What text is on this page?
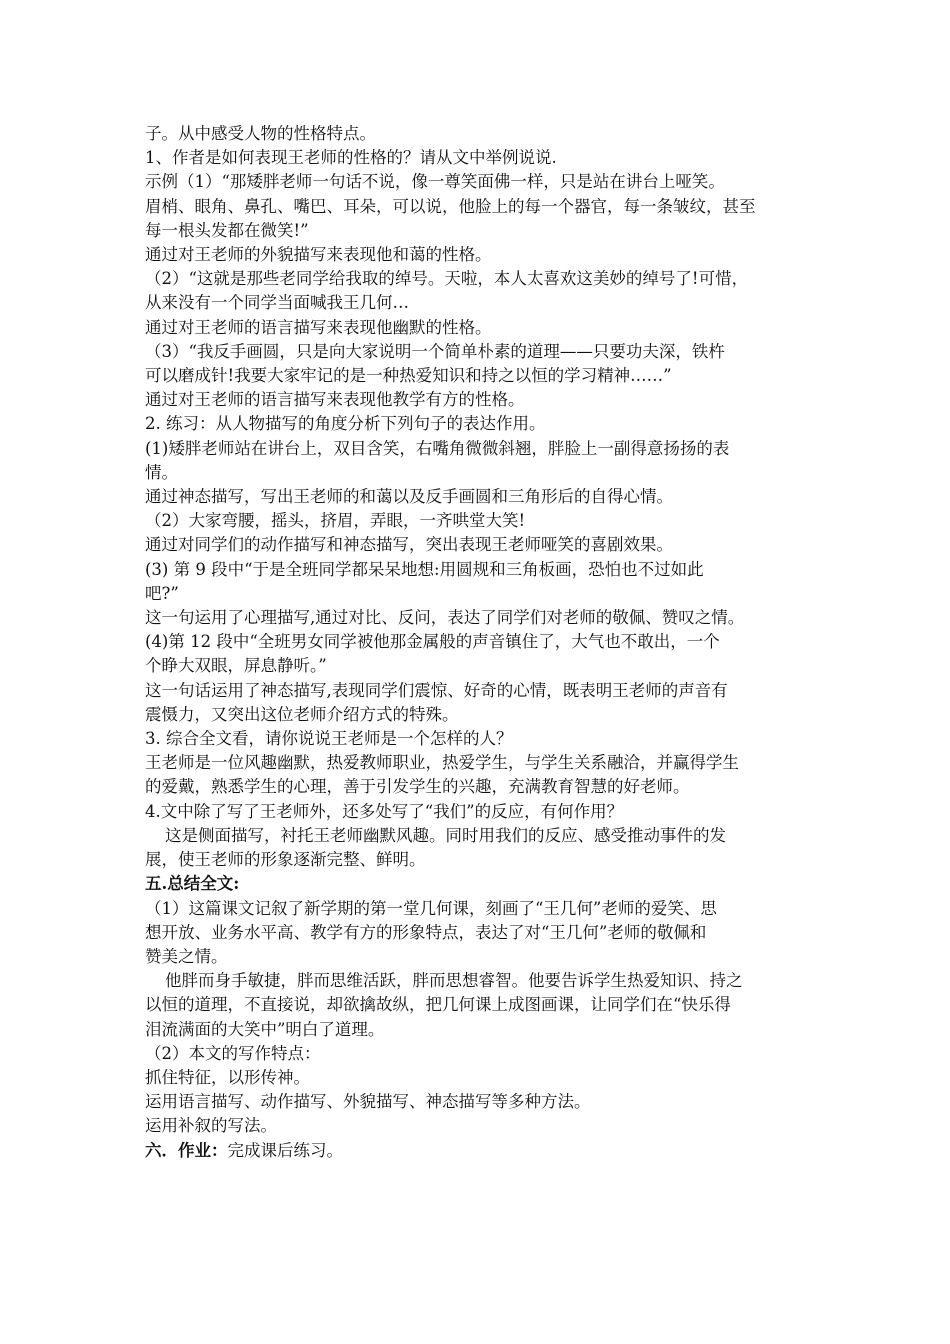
子。从中感受人物的性格特点。
1、作者是如何表现王老师的性格的？请从文中举例说说.
示例（1）“那矮胖老师一句话不说，像一尊笑面佛一样，只是站在讲台上哑笑。
眉梢、眼角、鼻孔、嘴巴、耳朵，可以说，他脸上的每一个器官，每一条皱纹，甚至
每一根头发都在微笑!”
通过对王老师的外貌描写来表现他和蔼的性格。
（2）“这就是那些老同学给我取的绰号。天啦，本人太喜欢这美妙的绰号了!可惜，
从来没有一个同学当面喊我王几何…
通过对王老师的语言描写来表现他幽默的性格。
（3）“我反手画圆，只是向大家说明一个简单朴素的道理——只要功夫深，铁杵
可以磨成针!我要大家牢记的是一种热爱知识和持之以恒的学习精神……”
通过对王老师的语言描写来表现他教学有方的性格。
2. 练习：从人物描写的角度分析下列句子的表达作用。
(1)矮胖老师站在讲台上，双目含笑，右嘴角微微斜翘，胖脸上一副得意扬扬的表
情。
通过神态描写，写出王老师的和蔼以及反手画圆和三角形后的自得心情。
（2）大家弯腰，摇头，挤眉，弄眼，一齐哄堂大笑!
通过对同学们的动作描写和神态描写，突出表现王老师哑笑的喜剧效果。
(3) 第 9 段中“于是全班同学都呆呆地想:用圆规和三角板画，恐怕也不过如此
吧?”
这一句运用了心理描写,通过对比、反问，表达了同学们对老师的敬佩、赞叹之情。
(4)第 12 段中“全班男女同学被他那金属般的声音镇住了，大气也不敢出，一个
个睁大双眼，屏息静听。”
这一句话运用了神态描写,表现同学们震惊、好奇的心情，既表明王老师的声音有
震慑力，又突出这位老师介绍方式的特殊。
3. 综合全文看，请你说说王老师是一个怎样的人？
王老师是一位风趣幽默，热爱教师职业，热爱学生，与学生关系融洽，并赢得学生
的爱戴，熟悉学生的心理，善于引发学生的兴趣，充满教育智慧的好老师。
4.文中除了写了王老师外，还多处写了“我们”的反应，有何作用？
这是侧面描写，衬托王老师幽默风趣。同时用我们的反应、感受推动事件的发
展，使王老师的形象逐渐完整、鲜明。
五.总结全文:
（1）这篇课文记叙了新学期的第一堂几何课，刻画了“王几何”老师的爱笑、思
想开放、业务水平高、教学有方的形象特点，表达了对“王几何”老师的敬佩和
赞美之情。
他胖而身手敏捷，胖而思维活跃，胖而思想睿智。他要告诉学生热爱知识、持之
以恒的道理，不直接说，却欲擒故纵，把几何课上成图画课，让同学们在“快乐得
泪流满面的大笑中”明白了道理。
（2）本文的写作特点：
抓住特征，以形传神。
运用语言描写、动作描写、外貌描写、神态描写等多种方法。
运用补叙的写法。
六．作业：完成课后练习。
